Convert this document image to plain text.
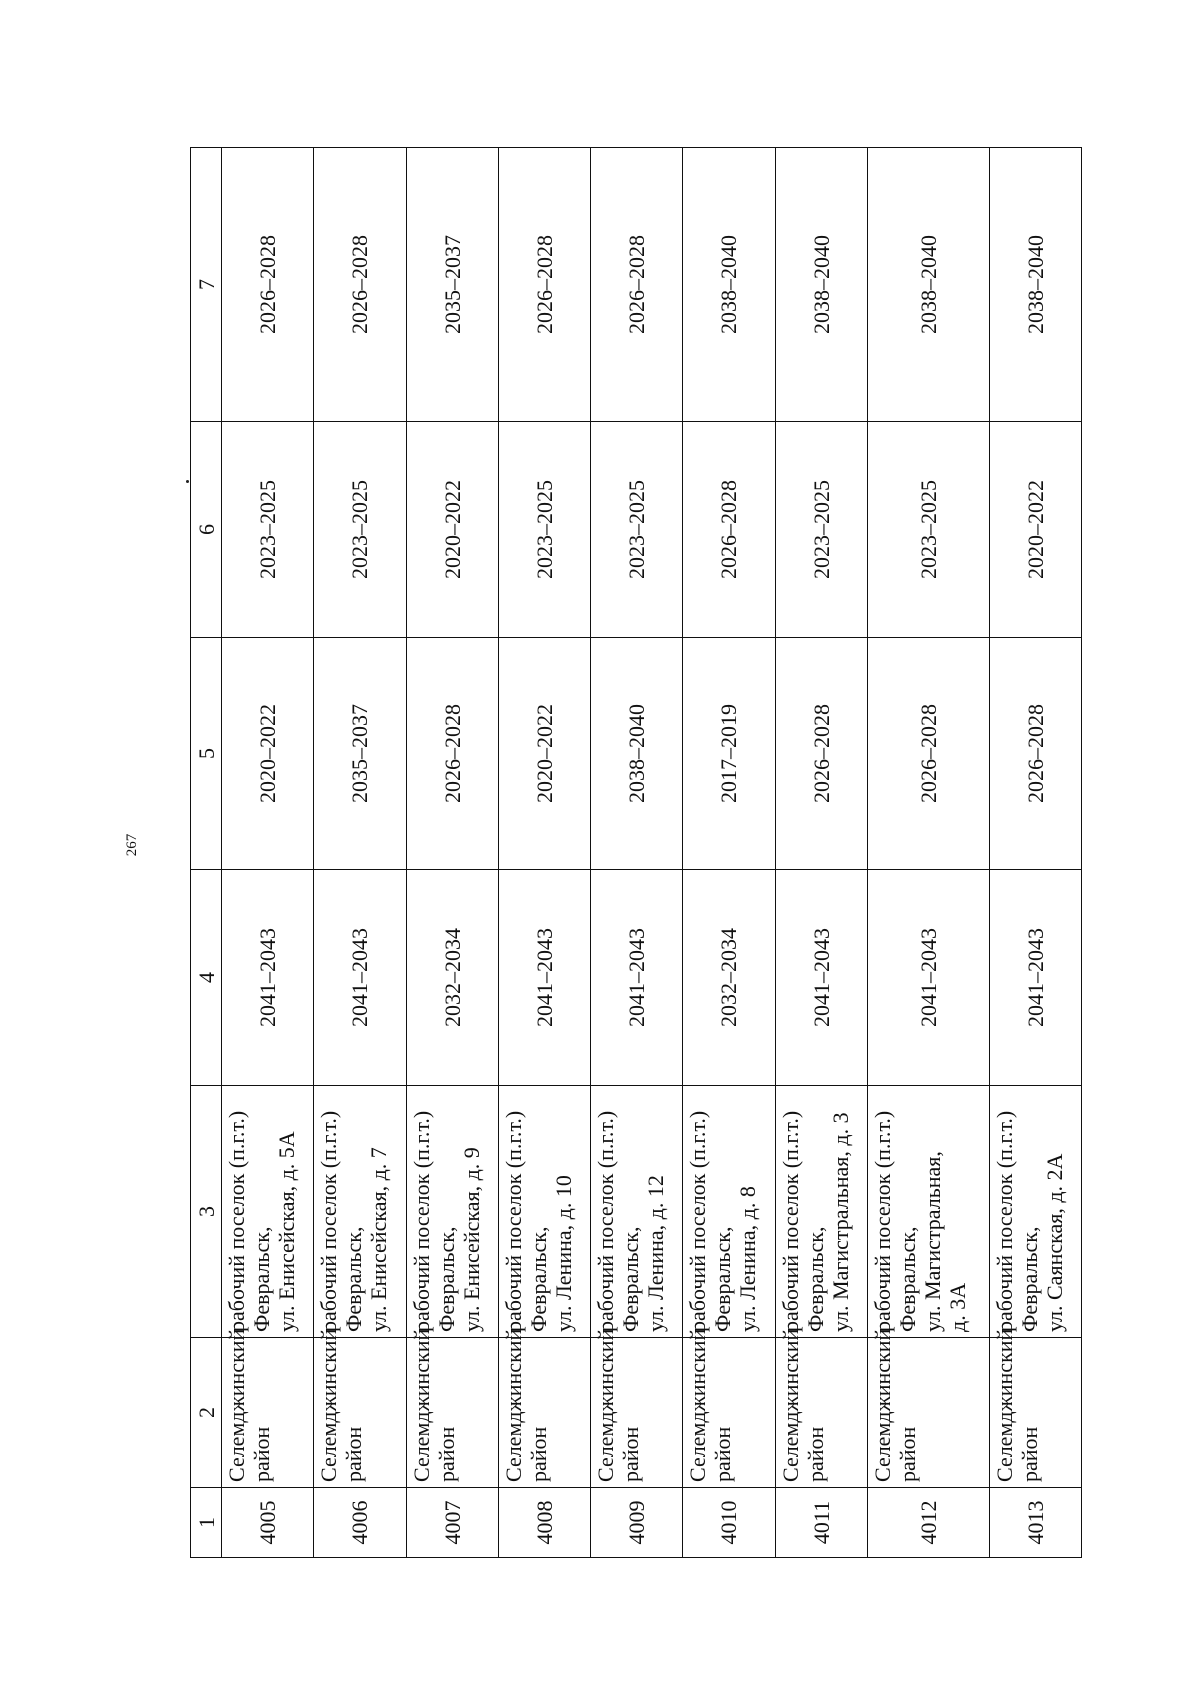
267
1	2	3	4	5	6	7
4005	Селемджинский район	рабочий поселок (п.г.т.) Февральск, ул. Енисейская, д. 5А	2041–2043	2020–2022	2023–2025	2026–2028
4006	Селемджинский район	рабочий поселок (п.г.т.) Февральск, ул. Енисейская, д. 7	2041–2043	2035–2037	2023–2025	2026–2028
4007	Селемджинский район	рабочий поселок (п.г.т.) Февральск, ул. Енисейская, д. 9	2032–2034	2026–2028	2020–2022	2035–2037
4008	Селемджинский район	рабочий поселок (п.г.т.) Февральск, ул. Ленина, д. 10	2041–2043	2020–2022	2023–2025	2026–2028
4009	Селемджинский район	рабочий поселок (п.г.т.) Февральск, ул. Ленина, д. 12	2041–2043	2038–2040	2023–2025	2026–2028
4010	Селемджинский район	рабочий поселок (п.г.т.) Февральск, ул. Ленина, д. 8	2032–2034	2017–2019	2026–2028	2038–2040
4011	Селемджинский район	рабочий поселок (п.г.т.) Февральск, ул. Магистральная, д. 3	2041–2043	2026–2028	2023–2025	2038–2040
4012	Селемджинский район	рабочий поселок (п.г.т.) Февральск, ул. Магистральная, д. 3А	2041–2043	2026–2028	2023–2025	2038–2040
4013	Селемджинский район	рабочий поселок (п.г.т.) Февральск, ул. Саянская, д. 2А	2041–2043	2026–2028	2020–2022	2038–2040
